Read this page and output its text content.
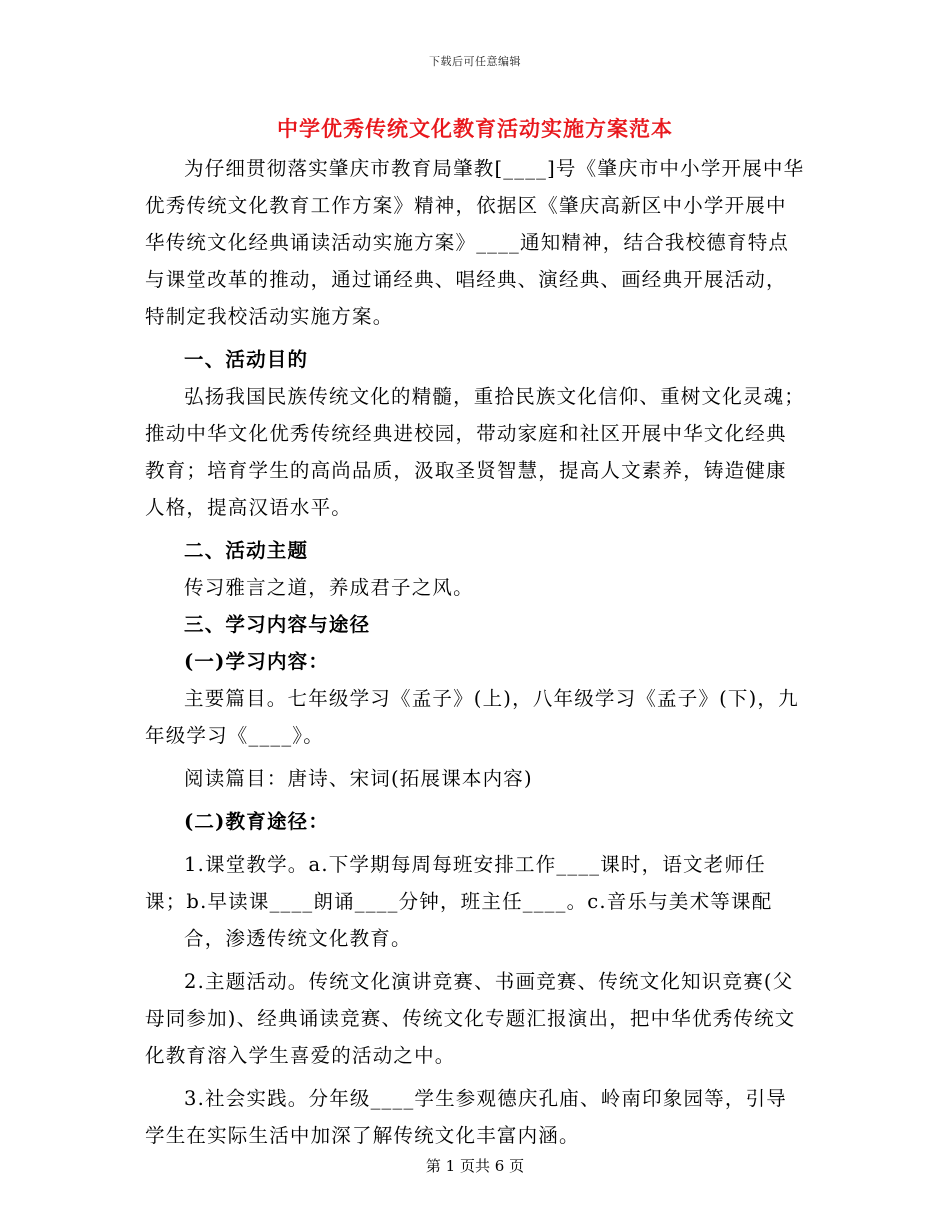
下载后可任意编辑
中学优秀传统文化教育活动实施方案范本

为仔细贯彻落实肇庆市教育局肇教[____]号《肇庆市中小学开展中华优秀传统文化教育工作方案》精神，依据区《肇庆高新区中小学开展中华传统文化经典诵读活动实施方案》____通知精神，结合我校德育特点与课堂改革的推动，通过诵经典、唱经典、演经典、画经典开展活动，特制定我校活动实施方案。

一、活动目的

弘扬我国民族传统文化的精髓，重拾民族文化信仰、重树文化灵魂；推动中华文化优秀传统经典进校园，带动家庭和社区开展中华文化经典教育；培育学生的高尚品质，汲取圣贤智慧，提高人文素养，铸造健康人格，提高汉语水平。

二、活动主题

传习雅言之道，养成君子之风。

三、学习内容与途径

(一)学习内容：

主要篇目。七年级学习《孟子》(上)，八年级学习《孟子》(下)，九年级学习《____》。

阅读篇目：唐诗、宋词(拓展课本内容)

(二)教育途径：

1.课堂教学。a.下学期每周每班安排工作____课时，语文老师任课；b.早读课____朗诵____分钟，班主任____。c.音乐与美术等课配

合，渗透传统文化教育。

2.主题活动。传统文化演讲竞赛、书画竞赛、传统文化知识竞赛(父母同参加)、经典诵读竞赛、传统文化专题汇报演出，把中华优秀传统文化教育溶入学生喜爱的活动之中。

3.社会实践。分年级____学生参观德庆孔庙、岭南印象园等，引导学生在实际生活中加深了解传统文化丰富内涵。

第 1 页共 6 页
